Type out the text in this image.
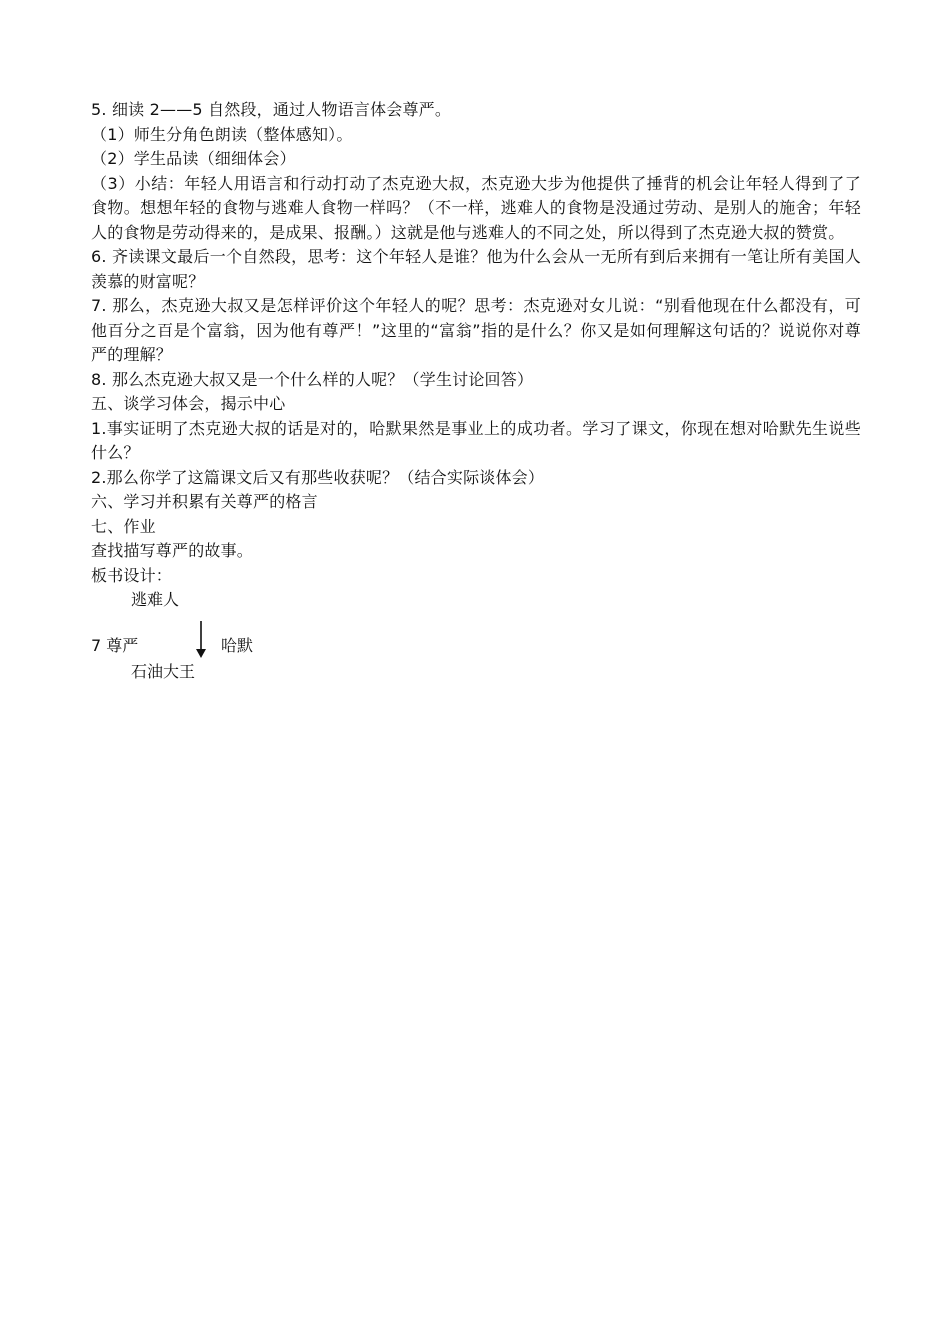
5. 细读 2——5 自然段，通过人物语言体会尊严。

（1）师生分角色朗读（整体感知）。

（2）学生品读（细细体会）

（3）小结：年轻人用语言和行动打动了杰克逊大叔，杰克逊大步为他提供了捶背的机会让年轻人得到了了食物。想想年轻的食物与逃难人食物一样吗？（不一样，逃难人的食物是没通过劳动、是别人的施舍；年轻人的食物是劳动得来的，是成果、报酬。）这就是他与逃难人的不同之处，所以得到了杰克逊大叔的赞赏。

6. 齐读课文最后一个自然段，思考：这个年轻人是谁？他为什么会从一无所有到后来拥有一笔让所有美国人羡慕的财富呢？

7. 那么，杰克逊大叔又是怎样评价这个年轻人的呢？思考：杰克逊对女儿说：“别看他现在什么都没有，可他百分之百是个富翁，因为他有尊严！”这里的“富翁”指的是什么？你又是如何理解这句话的？说说你对尊严的理解？

8. 那么杰克逊大叔又是一个什么样的人呢？（学生讨论回答）

五、谈学习体会，揭示中心

1.事实证明了杰克逊大叔的话是对的，哈默果然是事业上的成功者。学习了课文，你现在想对哈默先生说些什么？

2.那么你学了这篇课文后又有那些收获呢？（结合实际谈体会）

六、学习并积累有关尊严的格言

七、作业

查找描写尊严的故事。

板书设计：

逃难人
7 尊严	哈默
石油大王
